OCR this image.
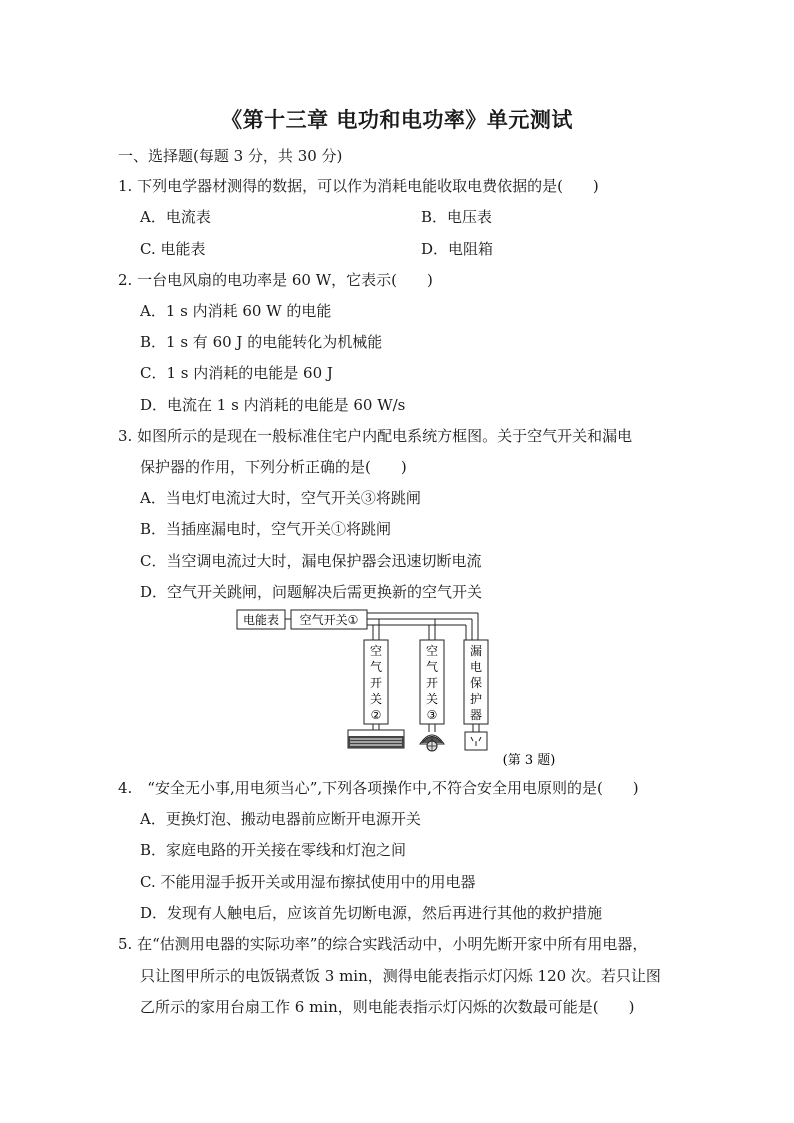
《第十三章 电功和电功率》单元测试
一、选择题(每题 3 分，共 30 分)
1. 下列电学器材测得的数据，可以作为消耗电能收取电费依据的是(　　)
A．电流表	B．电压表
C. 电能表	D．电阻箱
2. 一台电风扇的电功率是 60 W，它表示(　　)
A．1 s 内消耗 60 W 的电能
B．1 s 有 60 J 的电能转化为机械能
C．1 s 内消耗的电能是 60 J
D．电流在 1 s 内消耗的电能是 60 W/s
3. 如图所示的是现在一般标准住宅户内配电系统方框图。关于空气开关和漏电
保护器的作用，下列分析正确的是(　　)
A．当电灯电流过大时，空气开关③将跳闸
B．当插座漏电时，空气开关①将跳闸
C．当空调电流过大时，漏电保护器会迅速切断电流
D．空气开关跳闸，问题解决后需更换新的空气开关
电能表 空气开关①
空
气
开
关
②
空
气
开
关
③
漏
电
保
护
器
(第 3 题)
4.　“安全无小事,用电须当心”,下列各项操作中,不符合安全用电原则的是(　　)
A．更换灯泡、搬动电器前应断开电源开关
B．家庭电路的开关接在零线和灯泡之间
C. 不能用湿手扳开关或用湿布擦拭使用中的用电器
D．发现有人触电后，应该首先切断电源，然后再进行其他的救护措施
5. 在“估测用电器的实际功率”的综合实践活动中，小明先断开家中所有用电器，
只让图甲所示的电饭锅煮饭 3 min，测得电能表指示灯闪烁 120 次。若只让图
乙所示的家用台扇工作 6 min，则电能表指示灯闪烁的次数最可能是(　　)
